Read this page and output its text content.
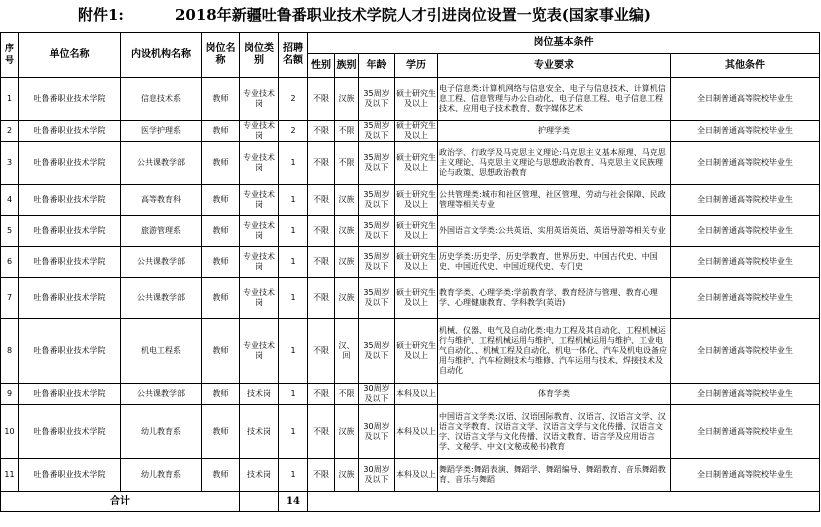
附件1:	2018年新疆吐鲁番职业技术学院人才引进岗位设置一览表(国家事业编)
序号	单位名称	内设机构名称	岗位名称	岗位类别	招聘名额	岗位基本条件					
						性别	族别	年龄	学历	专业要求	其他条件
1	吐鲁番职业技术学院	信息技术系	教师	专业技术岗	2	不限	汉族	35周岁及以下	硕士研究生及以上	电子信息类:计算机网络与信息安全、电子与信息技术、计算机信息工程、信息管理与办公自动化、电子信息工程、电子信息工程技术、应用电子技术教育、数字媒体艺术	全日制普通高等院校毕业生
2	吐鲁番职业技术学院	医学护理系	教师	专业技术岗	2	不限	不限	35周岁及以下	硕士研究生及以上	护理学类	全日制普通高等院校毕业生
3	吐鲁番职业技术学院	公共课教学部	教师	专业技术岗	1	不限	不限	35周岁及以下	硕士研究生及以上	政治学、行政学及马克思主义理论:马克思主义基本原理、马克思主义理论、马克思主义理论与思想政治教育、马克思主义民族理论与政策、思想政治教育	全日制普通高等院校毕业生
4	吐鲁番职业技术学院	高等教育科	教师	专业技术岗	1	不限	汉族	35周岁及以下	硕士研究生及以上	公共管理类:城市和社区管理、社区管理、劳动与社会保障、民政管理等相关专业	全日制普通高等院校毕业生
5	吐鲁番职业技术学院	旅游管理系	教师	专业技术岗	1	不限	汉族	35周岁及以下	硕士研究生及以上	外国语言文学类:公共英语、实用英语英语、英语导游等相关专业	全日制普通高等院校毕业生
6	吐鲁番职业技术学院	公共课教学部	教师	专业技术岗	1	不限	汉族	35周岁及以下	硕士研究生及以上	历史学类:历史学、历史学教育、世界历史、中国古代史、中国史、中国近代史、中国近现代史、专门史	全日制普通高等院校毕业生
7	吐鲁番职业技术学院	公共课教学部	教师	专业技术岗	1	不限	汉族	35周岁及以下	硕士研究生及以上	教育学类、心理学类:学前教育学、教育经济与管理、教育心理学、心理健康教育、学科教学(英语)	全日制普通高等院校毕业生
8	吐鲁番职业技术学院	机电工程系	教师	专业技术岗	1	不限	汉、回	35周岁及以下	硕士研究生及以上	机械、仪器、电气及自动化类:电力工程及其自动化、工程机械运行与维护、工程机械运用与维护、工程机械运用与维护、工业电气自动化、、机械工程及自动化、机电一体化、汽车及机电设备应用与维护、汽车检测技术与维修、汽车运用与技术、焊接技术及自动化	全日制普通高等院校毕业生
9	吐鲁番职业技术学院	公共课教学部	教师	技术岗	1	不限	不限	30周岁及以下	本科及以上	体育学类	全日制普通高等院校毕业生
10	吐鲁番职业技术学院	幼儿教育系	教师	技术岗	1	不限	汉族	30周岁及以下	本科及以上	中国语言文学类:汉语、汉语国际教育、汉语言、汉语言文学、汉语言文学教育、汉语言文学、汉语言文学与文化传播、汉语言文字、汉语言文学与文化传播、汉语文教育、语言学及应用语言学、文秘学、中文(文秘或秘书)教育	全日制普通高等院校毕业生
11	吐鲁番职业技术学院	幼儿教育系	教师	技术岗	1	不限	汉族	30周岁及以下	本科及以上	舞蹈学类:舞蹈表演、舞蹈学、舞蹈编导、舞蹈教育、音乐舞蹈教育、音乐与舞蹈	全日制普通高等院校毕业生
合计					14						
